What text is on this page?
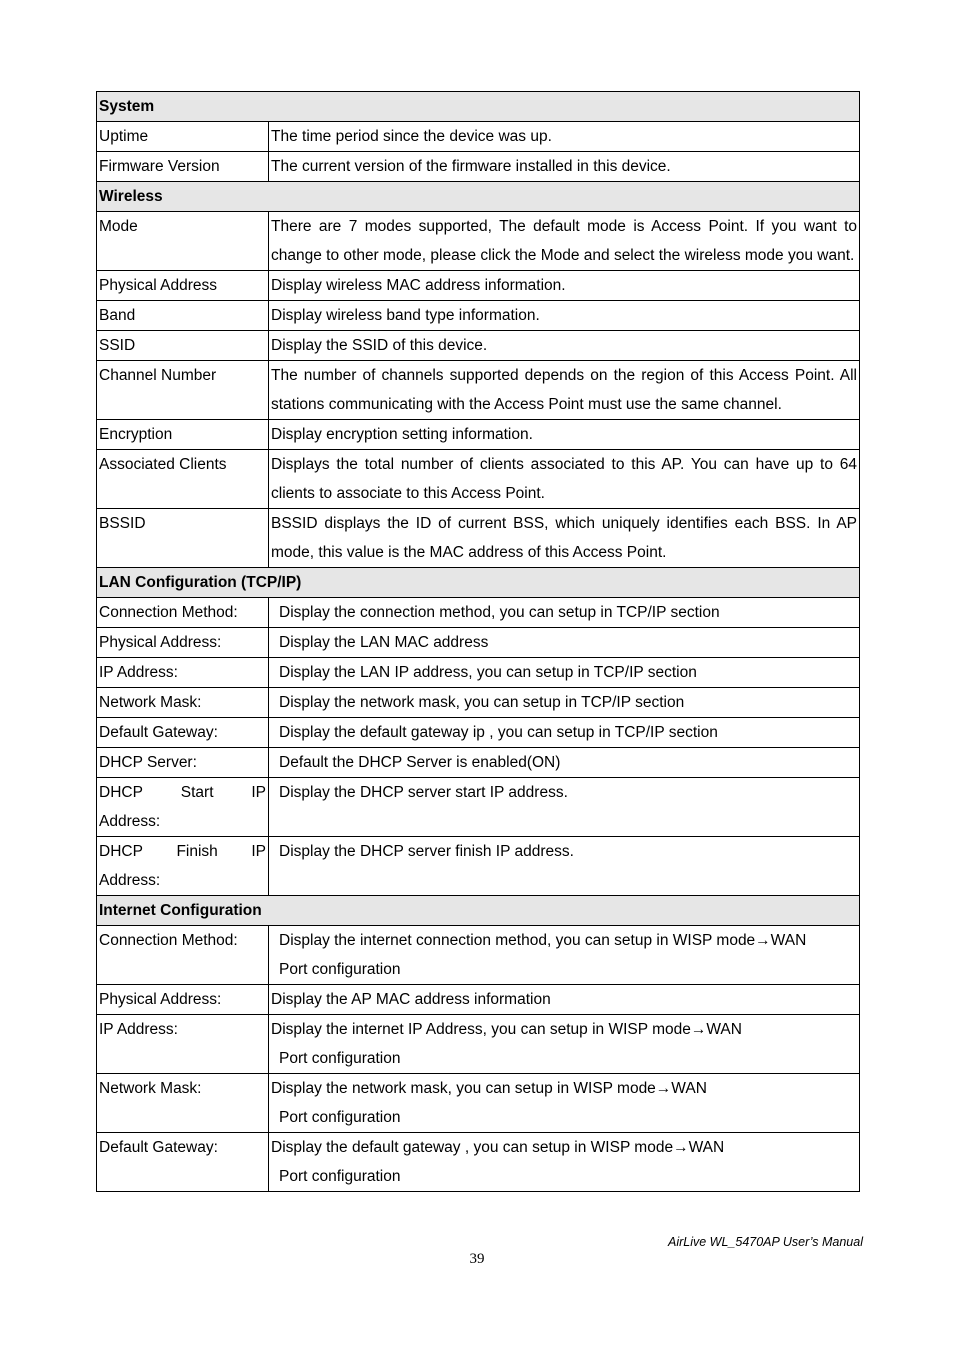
System	
Uptime	The time period since the device was up.
Firmware Version	The current version of the firmware installed in this device.
Wireless	
Mode	There are 7 modes supported, The default mode is Access Point. If you want to change to other mode, please click the Mode and select the wireless mode you want.
Physical Address	Display wireless MAC address information.
Band	Display wireless band type information.
SSID	Display the SSID of this device.
Channel Number	The number of channels supported depends on the region of this Access Point. All stations communicating with the Access Point must use the same channel.
Encryption	Display encryption setting information.
Associated Clients	Displays the total number of clients associated to this AP. You can have up to 64 clients to associate to this Access Point.
BSSID	BSSID displays the ID of current BSS, which uniquely identifies each BSS. In AP mode, this value is the MAC address of this Access Point.
LAN Configuration (TCP/IP)	
Connection Method:	Display the connection method, you can setup in TCP/IP section
Physical Address:	Display the LAN MAC address
IP Address:	Display the LAN IP address, you can setup in TCP/IP section
Network Mask:	Display the network mask, you can setup in TCP/IP section
Default Gateway:	Display the default gateway ip , you can setup in TCP/IP section
DHCP Server:	Default the DHCP Server is enabled(ON)

DHCP Start IP
Address:	Display the DHCP server start IP address.

DHCP Finish IP
Address:	Display the DHCP server finish IP address.
Internet Configuration	
Connection Method:	Display the internet connection method, you can setup in WISP mode→WAN
Port configuration

Physical Address:	Display the AP MAC address information
IP Address:	Display the internet IP Address, you can setup in WISP mode→WAN
Port configuration

Network Mask:	Display the network mask, you can setup in WISP mode→WAN
Port configuration

Default Gateway:	Display the default gateway , you can setup in WISP mode→WAN
Port configuration
AirLive WL_5470AP User’s Manual
39
